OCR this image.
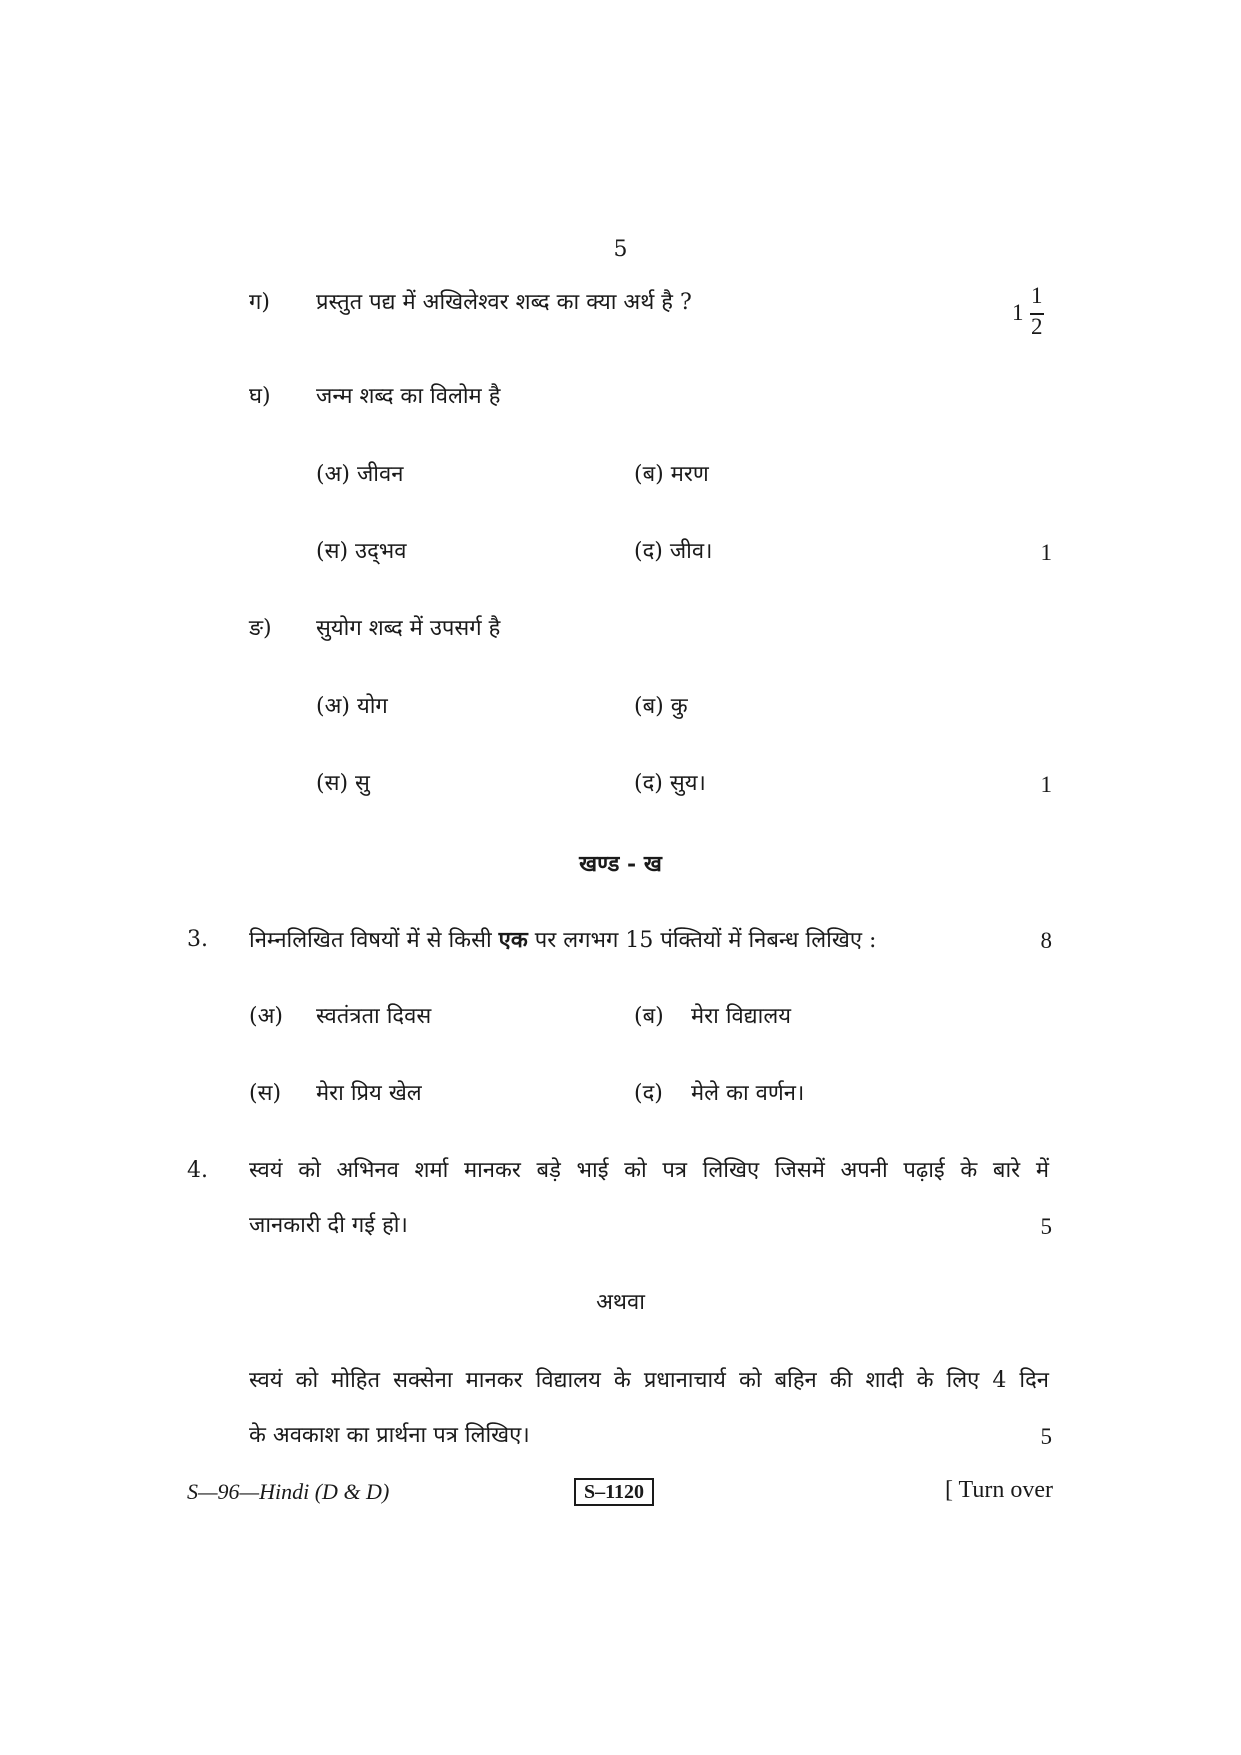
5
ग) प्रस्तुत पद्य में अखिलेश्वर शब्द का क्या अर्थ है ?	1
1
2
घ) जन्म शब्द का विलोम है
(अ) जीवन	(ब) मरण
(स) उद्‌भव	(द) जीव।	1
ङ) सुयोग शब्द में उपसर्ग है
(अ) योग	(ब) कु
(स) सु	(द) सुय।	1
खण्ड - ख
3. निम्नलिखित विषयों में से किसी एक पर लगभग 15 पंक्तियों में निबन्ध लिखिए :	8
(अ) स्वतंत्रता दिवस	(ब) मेरा विद्यालय
(स) मेरा प्रिय खेल	(द) मेले का वर्णन।
4. स्वयं को अभिनव शर्मा मानकर बड़े भाई को पत्र लिखिए जिसमें अपनी पढ़ाई के बारे में
जानकारी दी गई हो।	5
अथवा
स्वयं को मोहित सक्सेना मानकर विद्यालय के प्रधानाचार्य को बहिन की शादी के लिए 4 दिन
के अवकाश का प्रार्थना पत्र लिखिए।	5
S—96—Hindi (D & D)	S–1120	[ Turn over
